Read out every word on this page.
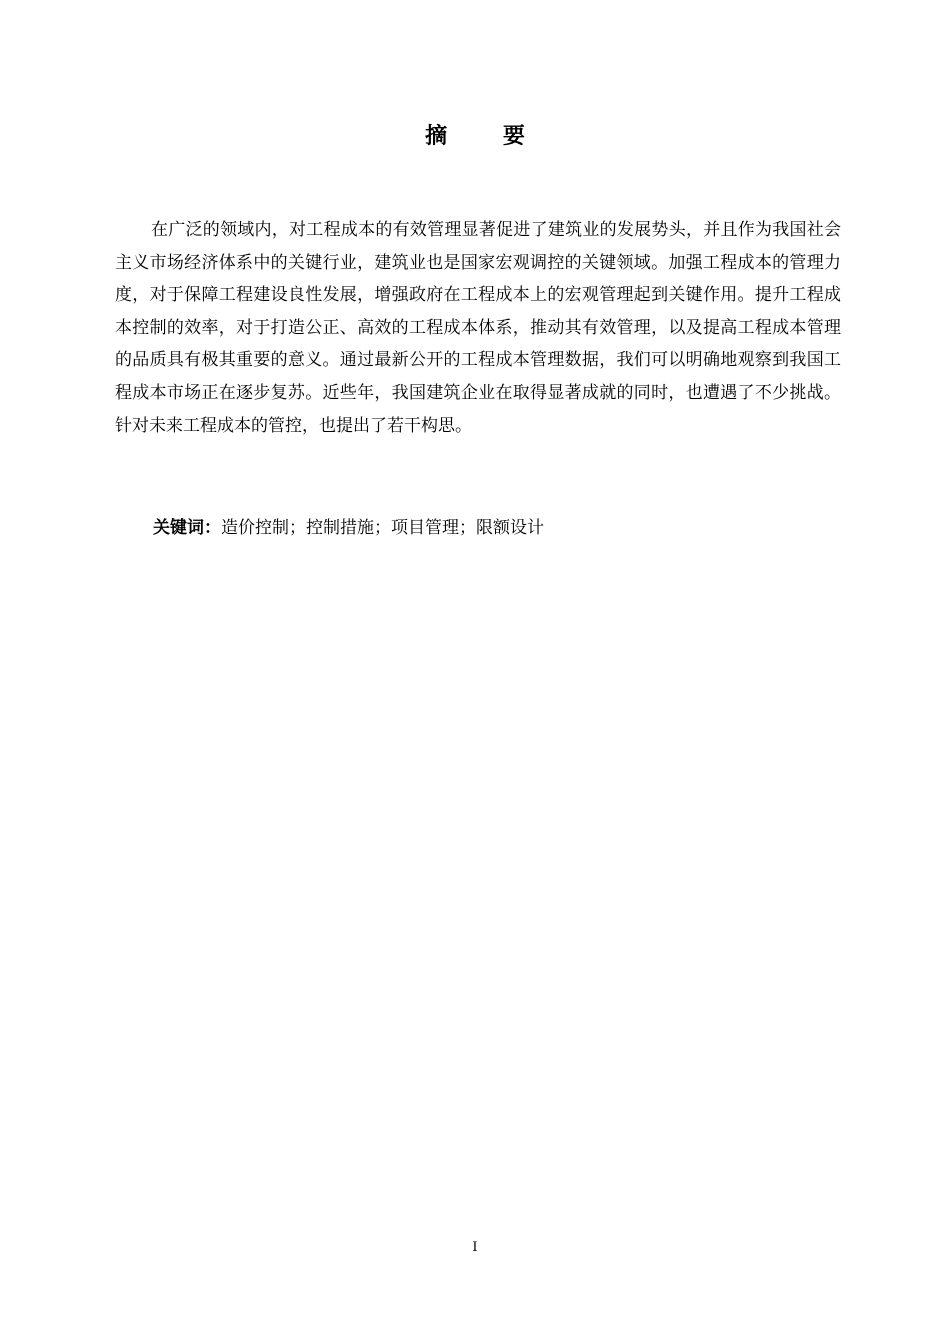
摘 要

在广泛的领域内，对工程成本的有效管理显著促进了建筑业的发展势头，并且作为我国社会主义市场经济体系中的关键行业，建筑业也是国家宏观调控的关键领域。加强工程成本的管理力度，对于保障工程建设良性发展，增强政府在工程成本上的宏观管理起到关键作用。提升工程成本控制的效率，对于打造公正、高效的工程成本体系，推动其有效管理，以及提高工程成本管理的品质具有极其重要的意义。通过最新公开的工程成本管理数据，我们可以明确地观察到我国工程成本市场正在逐步复苏。近些年，我国建筑企业在取得显著成就的同时，也遭遇了不少挑战。针对未来工程成本的管控，也提出了若干构思。

关键词：造价控制；控制措施；项目管理；限额设计

I
